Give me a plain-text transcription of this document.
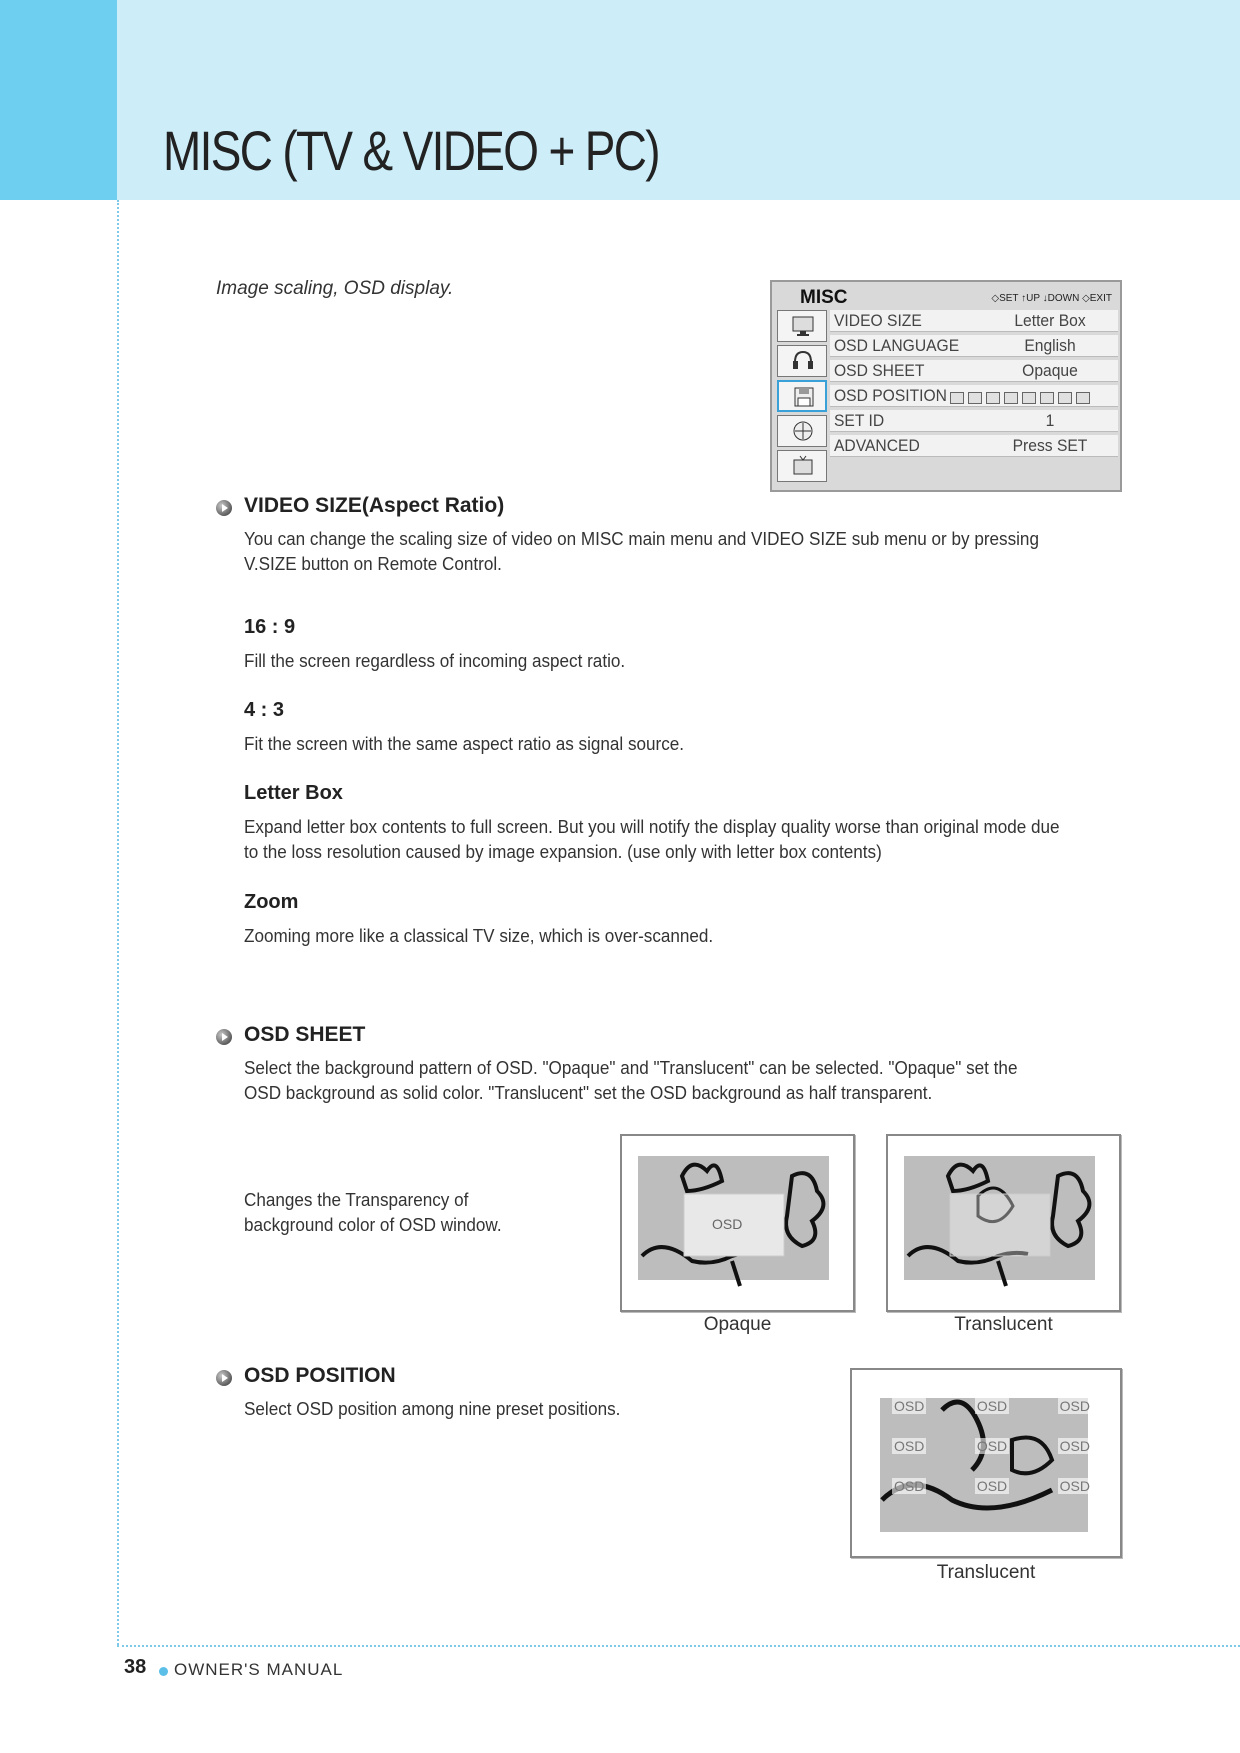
MISC (TV & VIDEO + PC)
Image scaling, OSD display.	MISC	◇SET ↑UP ↓DOWN ◇EXIT
VIDEO SIZE	Letter Box
OSD LANGUAGE	English
OSD SHEET	Opaque
OSD POSITION
SET ID	1
ADVANCED	Press SET
VIDEO SIZE(Aspect Ratio)
You can change the scaling size of video on MISC main menu and VIDEO SIZE sub menu or by pressing
V.SIZE button on Remote Control.
16 : 9
Fill the screen regardless of incoming aspect ratio.
4 : 3
Fit the screen with the same aspect ratio as signal source.
Letter Box
Expand letter box contents to full screen. But you will notify the display quality worse than original mode due
to the loss resolution caused by image expansion. (use only with letter box contents)
Zoom
Zooming more like a classical TV size, which is over-scanned.
OSD SHEET
Select the background pattern of OSD. "Opaque" and "Translucent" can be selected. "Opaque" set the
OSD background as solid color. "Translucent" set the OSD background as half transparent.
Changes the Transparency of
background color of OSD window.	OSD
Opaque	Translucent
OSD POSITION
Select OSD position among nine preset positions.	OSD	OSD	OSD
OSD	OSD	OSD
OSD	OSD	OSD
Translucent
38 OWNER'S MANUAL
